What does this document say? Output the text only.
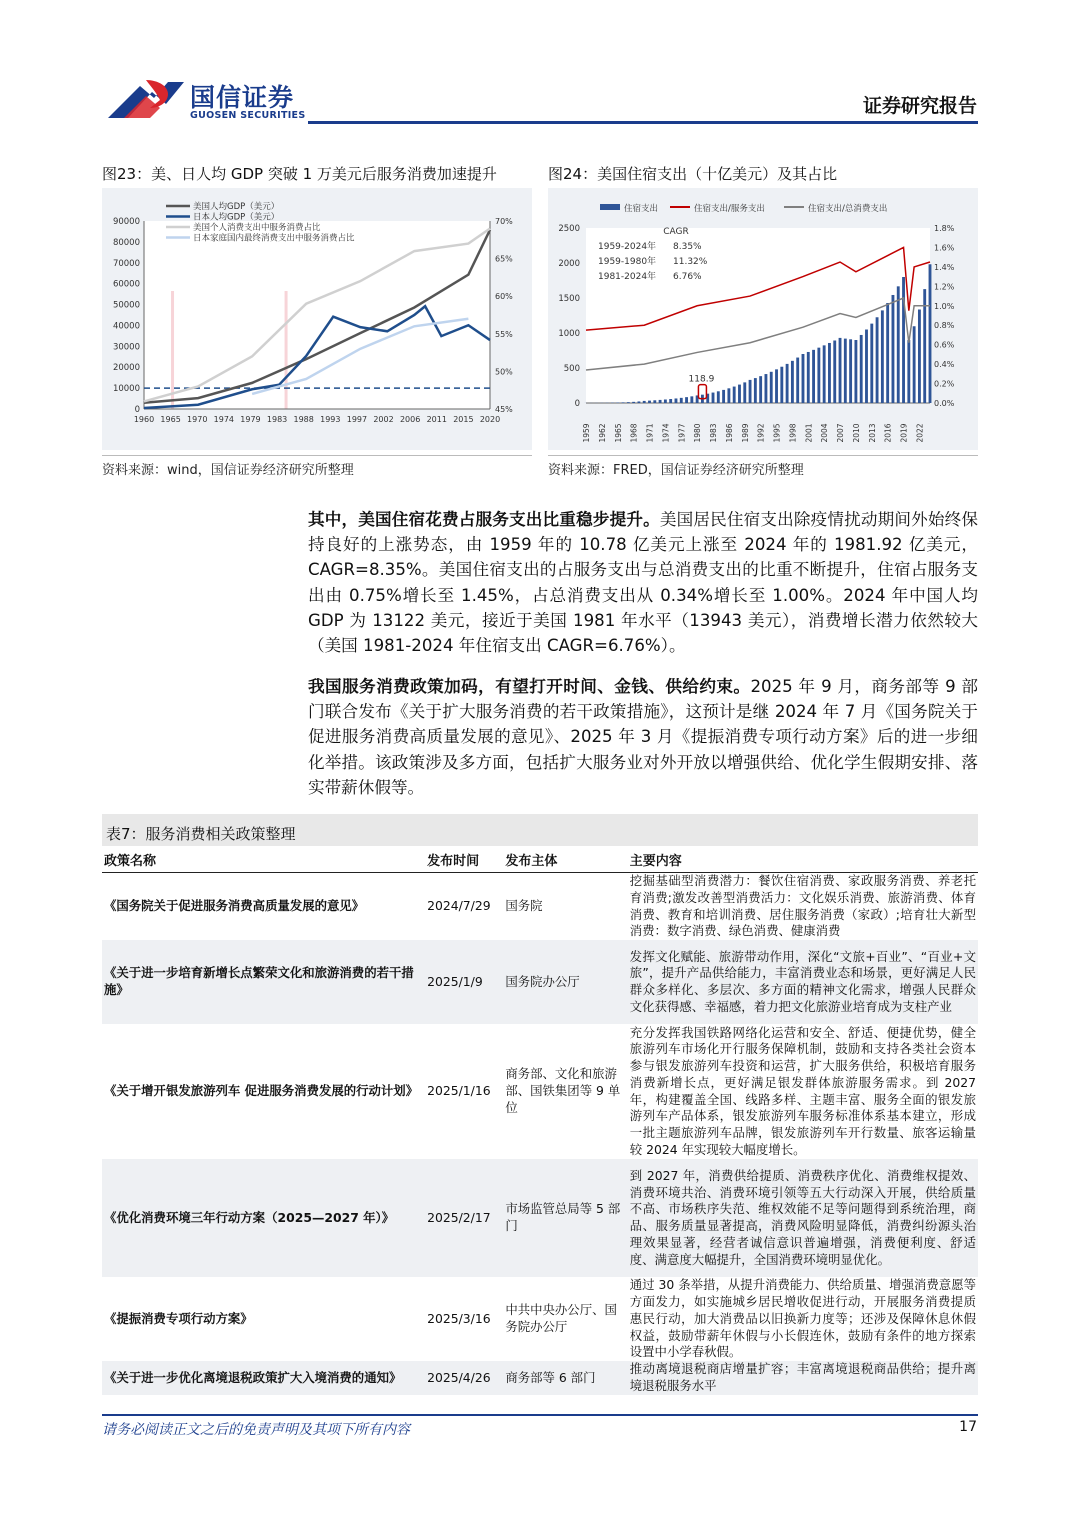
国信证券
GUOSEN SECURITIES	证券研究报告
图23：美、日人均 GDP 突破 1 万美元后服务消费加速提升
0
10000
20000
30000
40000
50000
60000
70000
80000
90000
45%
50%
55%
60%
65%
70%
1960 1965 1970 1974 1979 1983 1988 1993 1997 2002 2006 2011 2015 2020
美国人均GDP（美元）
日本人均GDP（美元）
美国个人消费支出中服务消费占比
日本家庭国内最终消费支出中服务消费占比
资料来源：wind，国信证券经济研究所整理
图24：美国住宿支出（十亿美元）及其占比
0
500
1000
1500
2000
2500
0.0%
0.2%
0.4%
0.6%
0.8%
1.0%
1.2%
1.4%
1.6%
1.8%
1959 1962 1965 1968 1971 1974 1977 1980 1983 1986 1989 1992 1995 1998 2001 2004 2007 2010 2013 2016 2019 2022
118.9
住宿支出	住宿支出/服务支出	住宿支出/总消费支出
CAGR
1959-2024年 8.35%
1959-1980年 11.32%
1981-2024年 6.76%
资料来源：FRED，国信证券经济研究所整理
其中，美国住宿花费占服务支出比重稳步提升。美国居民住宿支出除疫情扰动期间外始终保持良好的上涨势态，由 1959 年的 10.78 亿美元上涨至 2024 年的 1981.92 亿美元，CAGR=8.35%。美国住宿支出的占服务支出与总消费支出的比重不断提升，住宿占服务支出由 0.75%增长至 1.45%，占总消费支出从 0.34%增长至 1.00%。2024 年中国人均 GDP 为 13122 美元，接近于美国 1981 年水平（13943 美元），消费增长潜力依然较大（美国 1981-2024 年住宿支出 CAGR=6.76%）。
我国服务消费政策加码，有望打开时间、金钱、供给约束。2025 年 9 月，商务部等 9 部门联合发布《关于扩大服务消费的若干政策措施》，这预计是继 2024 年 7 月《国务院关于促进服务消费高质量发展的意见》、2025 年 3 月《提振消费专项行动方案》后的进一步细化举措。该政策涉及多方面，包括扩大服务业对外开放以增强供给、优化学生假期安排、落实带薪休假等。
表7：服务消费相关政策整理
政策名称	发布时间	发布主体	主要内容
《国务院关于促进服务消费高质量发展的意见》	2024/7/29	国务院	挖掘基础型消费潜力：餐饮住宿消费、家政服务消费、养老托育消费;激发改善型消费活力：文化娱乐消费、旅游消费、体育消费、教育和培训消费、居住服务消费（家政）;培育壮大新型消费：数字消费、绿色消费、健康消费
《关于进一步培育新增长点繁荣文化和旅游消费的若干措施》	2025/1/9	国务院办公厅	发挥文化赋能、旅游带动作用，深化“文旅+百业”、“百业+文旅”，提升产品供给能力，丰富消费业态和场景，更好满足人民群众多样化、多层次、多方面的精神文化需求，增强人民群众文化获得感、幸福感，着力把文化旅游业培育成为支柱产业
《关于增开银发旅游列车 促进服务消费发展的行动计划》	2025/1/16	商务部、文化和旅游部、国铁集团等 9 单位	充分发挥我国铁路网络化运营和安全、舒适、便捷优势，健全旅游列车市场化开行服务保障机制，鼓励和支持各类社会资本参与银发旅游列车投资和运营，扩大服务供给，积极培育服务消费新增长点，更好满足银发群体旅游服务需求。到 2027 年，构建覆盖全国、线路多样、主题丰富、服务全面的银发旅游列车产品体系，银发旅游列车服务标准体系基本建立，形成一批主题旅游列车品牌，银发旅游列车开行数量、旅客运输量较 2024 年实现较大幅度增长。
《优化消费环境三年行动方案（2025—2027 年）》	2025/2/17	市场监管总局等 5 部门	到 2027 年，消费供给提质、消费秩序优化、消费维权提效、消费环境共治、消费环境引领等五大行动深入开展，供给质量不高、市场秩序失范、维权效能不足等问题得到系统治理，商品、服务质量显著提高，消费风险明显降低，消费纠纷源头治理效果显著，经营者诚信意识普遍增强，消费便利度、舒适度、满意度大幅提升，全国消费环境明显优化。
《提振消费专项行动方案》	2025/3/16	中共中央办公厅、国务院办公厅	通过 30 条举措，从提升消费能力、供给质量、增强消费意愿等方面发力，如实施城乡居民增收促进行动，开展服务消费提质惠民行动，加大消费品以旧换新力度等；还涉及保障休息休假权益，鼓励带薪年休假与小长假连休，鼓励有条件的地方探索设置中小学春秋假。
《关于进一步优化离境退税政策扩大入境消费的通知》	2025/4/26	商务部等 6 部门	推动离境退税商店增量扩容；丰富离境退税商品供给；提升离境退税服务水平
请务必阅读正文之后的免责声明及其项下所有内容	17
